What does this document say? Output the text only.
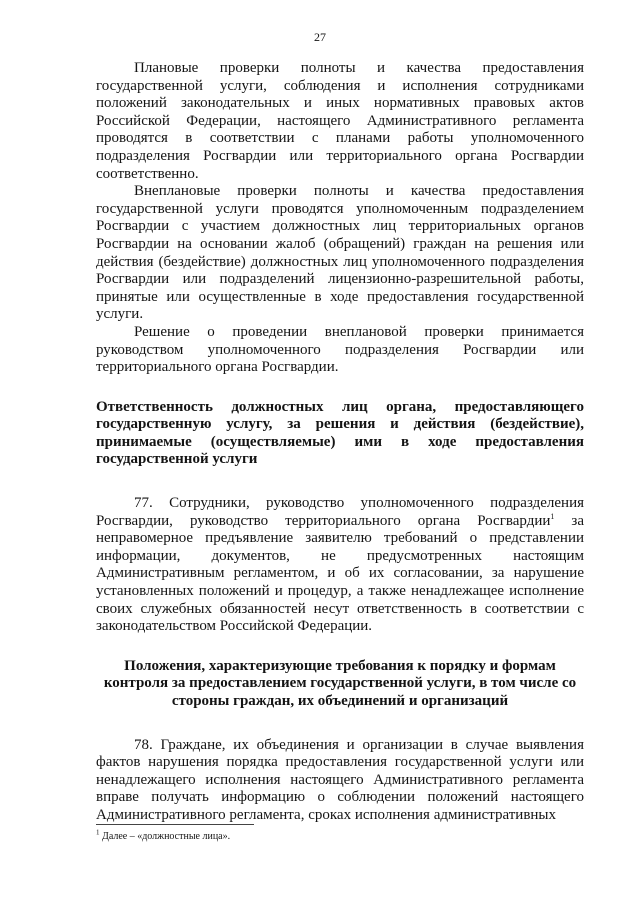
27

Плановые проверки полноты и качества предоставления государственной услуги, соблюдения и исполнения сотрудниками положений законодательных и иных нормативных правовых актов Российской Федерации, настоящего Административного регламента проводятся в соответствии с планами работы уполномоченного подразделения Росгвардии или территориального органа Росгвардии соответственно.

Внеплановые проверки полноты и качества предоставления государственной услуги проводятся уполномоченным подразделением Росгвардии с участием должностных лиц территориальных органов Росгвардии на основании жалоб (обращений) граждан на решения или действия (бездействие) должностных лиц уполномоченного подразделения Росгвардии или подразделений лицензионно-разрешительной работы, принятые или осуществленные в ходе предоставления государственной услуги.

Решение о проведении внеплановой проверки принимается руководством уполномоченного подразделения Росгвардии или территориального органа Росгвардии.

Ответственность должностных лиц органа, предоставляющего государственную услугу, за решения и действия (бездействие), принимаемые (осуществляемые) ими в ходе предоставления государственной услуги

77. Сотрудники, руководство уполномоченного подразделения Росгвардии, руководство территориального органа Росгвардии$^1$ за неправомерное предъявление заявителю требований о представлении информации, документов, не предусмотренных настоящим Административным регламентом, и об их согласовании, за нарушение установленных положений и процедур, а также ненадлежащее исполнение своих служебных обязанностей несут ответственность в соответствии с законодательством Российской Федерации.

Положения, характеризующие требования к порядку и формам контроля за предоставлением государственной услуги, в том числе со стороны граждан, их объединений и организаций

78. Граждане, их объединения и организации в случае выявления фактов нарушения порядка предоставления государственной услуги или ненадлежащего исполнения настоящего Административного регламента вправе получать информацию о соблюдении положений настоящего Административного регламента, сроках исполнения административных

$^1$ Далее – «должностные лица».
